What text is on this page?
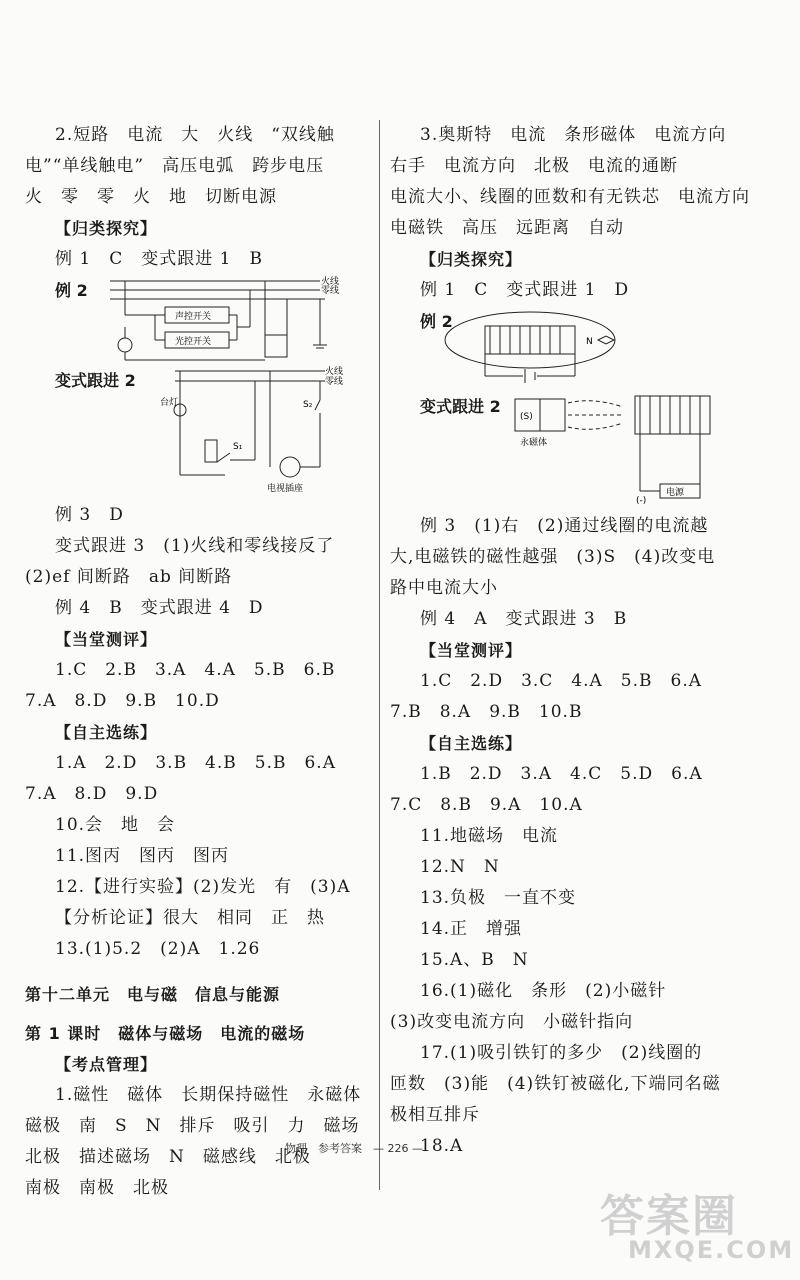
2.短路　电流　大　火线　“双线触
电”“单线触电”　高压电弧　跨步电压
火　零　零　火　地　切断电源
【归类探究】
例 1　C　变式跟进 1　B
例 2	火线
零线
声控开关
光控开关
变式跟进 2	火线
零线
台灯
S₁
S₂
电视插座
例 3　D
变式跟进 3　(1)火线和零线接反了
(2)ef 间断路　ab 间断路
例 4　B　变式跟进 4　D
【当堂测评】
1.C　2.B　3.A　4.A　5.B　6.B
7.A　8.D　9.B　10.D
【自主选练】
1.A　2.D　3.B　4.B　5.B　6.A
7.A　8.D　9.D
10.会　地　会
11.图丙　图丙　图丙
12.【进行实验】(2)发光　有　(3)A
【分析论证】很大　相同　正　热
13.(1)5.2　(2)A　1.26
第十二单元　电与磁　信息与能源
第 1 课时　磁体与磁场　电流的磁场
【考点管理】
1.磁性　磁体　长期保持磁性　永磁体
磁极　南　S　N　排斥　吸引　力　磁场
北极　描述磁场　N　磁感线　北极
南极　南极　北极
3.奥斯特　电流　条形磁体　电流方向
右手　电流方向　北极　电流的通断
电流大小、线圈的匝数和有无铁芯　电流方向
电磁铁　高压　远距离　自动
【归类探究】
例 1　C　变式跟进 1　D
例 2
N
变式跟进 2
(S)
永磁体
电源
(-)
例 3　(1)右　(2)通过线圈的电流越
大,电磁铁的磁性越强　(3)S　(4)改变电
路中电流大小
例 4　A　变式跟进 3　B
【当堂测评】
1.C　2.D　3.C　4.A　5.B　6.A
7.B　8.A　9.B　10.B
【自主选练】
1.B　2.D　3.A　4.C　5.D　6.A
7.C　8.B　9.A　10.A
11.地磁场　电流
12.N　N
13.负极　一直不变
14.正　增强
15.A、B　N
16.(1)磁化　条形　(2)小磁针
(3)改变电流方向　小磁针指向
17.(1)吸引铁钉的多少　(2)线圈的
匝数　(3)能　(4)铁钉被磁化,下端同名磁
极相互排斥
18.A
物理　参考答案　— 226 —
答案圈
MXQE.COM
